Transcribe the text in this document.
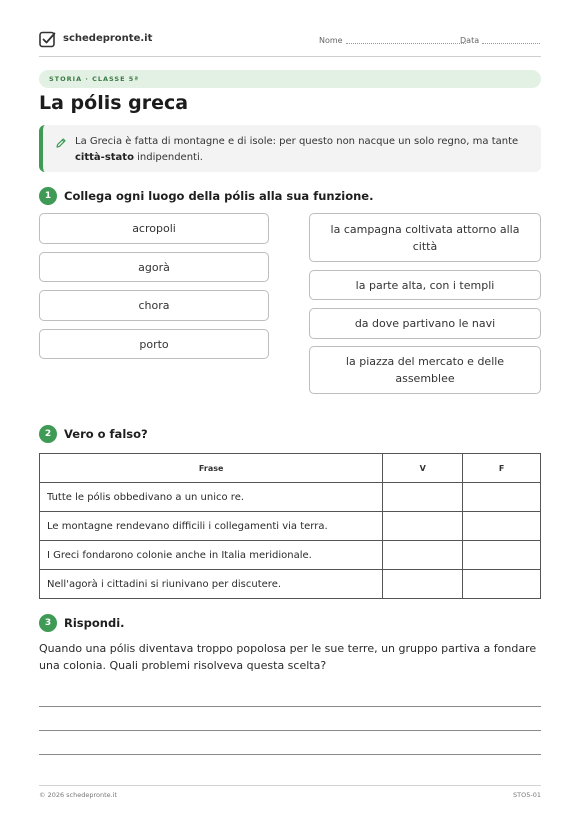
schedepronte.it	Nome	Data
STORIA · CLASSE 5ª
La pólis greca
La Grecia è fatta di montagne e di isole: per questo non nacque un solo regno, ma tante città-stato indipendenti.
1	Collega ogni luogo della pólis alla sua funzione.
acropoli
agorà
chora
porto
la campagna coltivata attorno alla città
la parte alta, con i templi
da dove partivano le navi
la piazza del mercato e delle assemblee
2	Vero o falso?
Frase	V	F
Tutte le pólis obbedivano a un unico re.		
Le montagne rendevano difficili i collegamenti via terra.		
I Greci fondarono colonie anche in Italia meridionale.		
Nell'agorà i cittadini si riunivano per discutere.		
3	Rispondi.
Quando una pólis diventava troppo popolosa per le sue terre, un gruppo partiva a fondare una colonia. Quali problemi risolveva questa scelta?
© 2026 schedepronte.it	STO5-01
